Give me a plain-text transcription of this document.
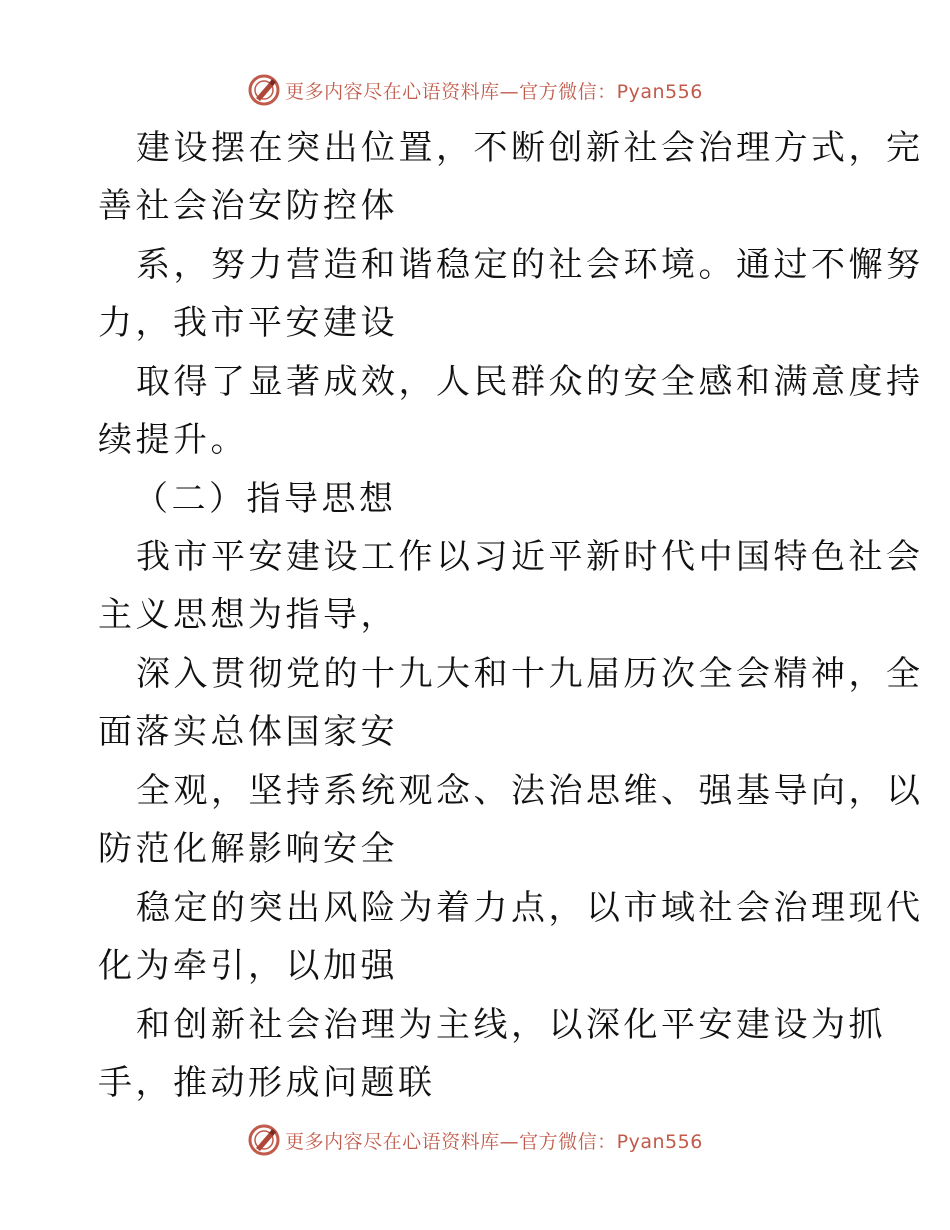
更多内容尽在心语资料库—官方微信：Pyan556
建设摆在突出位置，不断创新社会治理方式，完
善社会治安防控体
系，努力营造和谐稳定的社会环境。通过不懈努
力，我市平安建设
取得了显著成效，人民群众的安全感和满意度持
续提升。
（二）指导思想
我市平安建设工作以习近平新时代中国特色社会
主义思想为指导，
深入贯彻党的十九大和十九届历次全会精神，全
面落实总体国家安
全观，坚持系统观念、法治思维、强基导向，以
防范化解影响安全
稳定的突出风险为着力点，以市域社会治理现代
化为牵引，以加强
和创新社会治理为主线，以深化平安建设为抓
手，推动形成问题联
更多内容尽在心语资料库—官方微信：Pyan556
